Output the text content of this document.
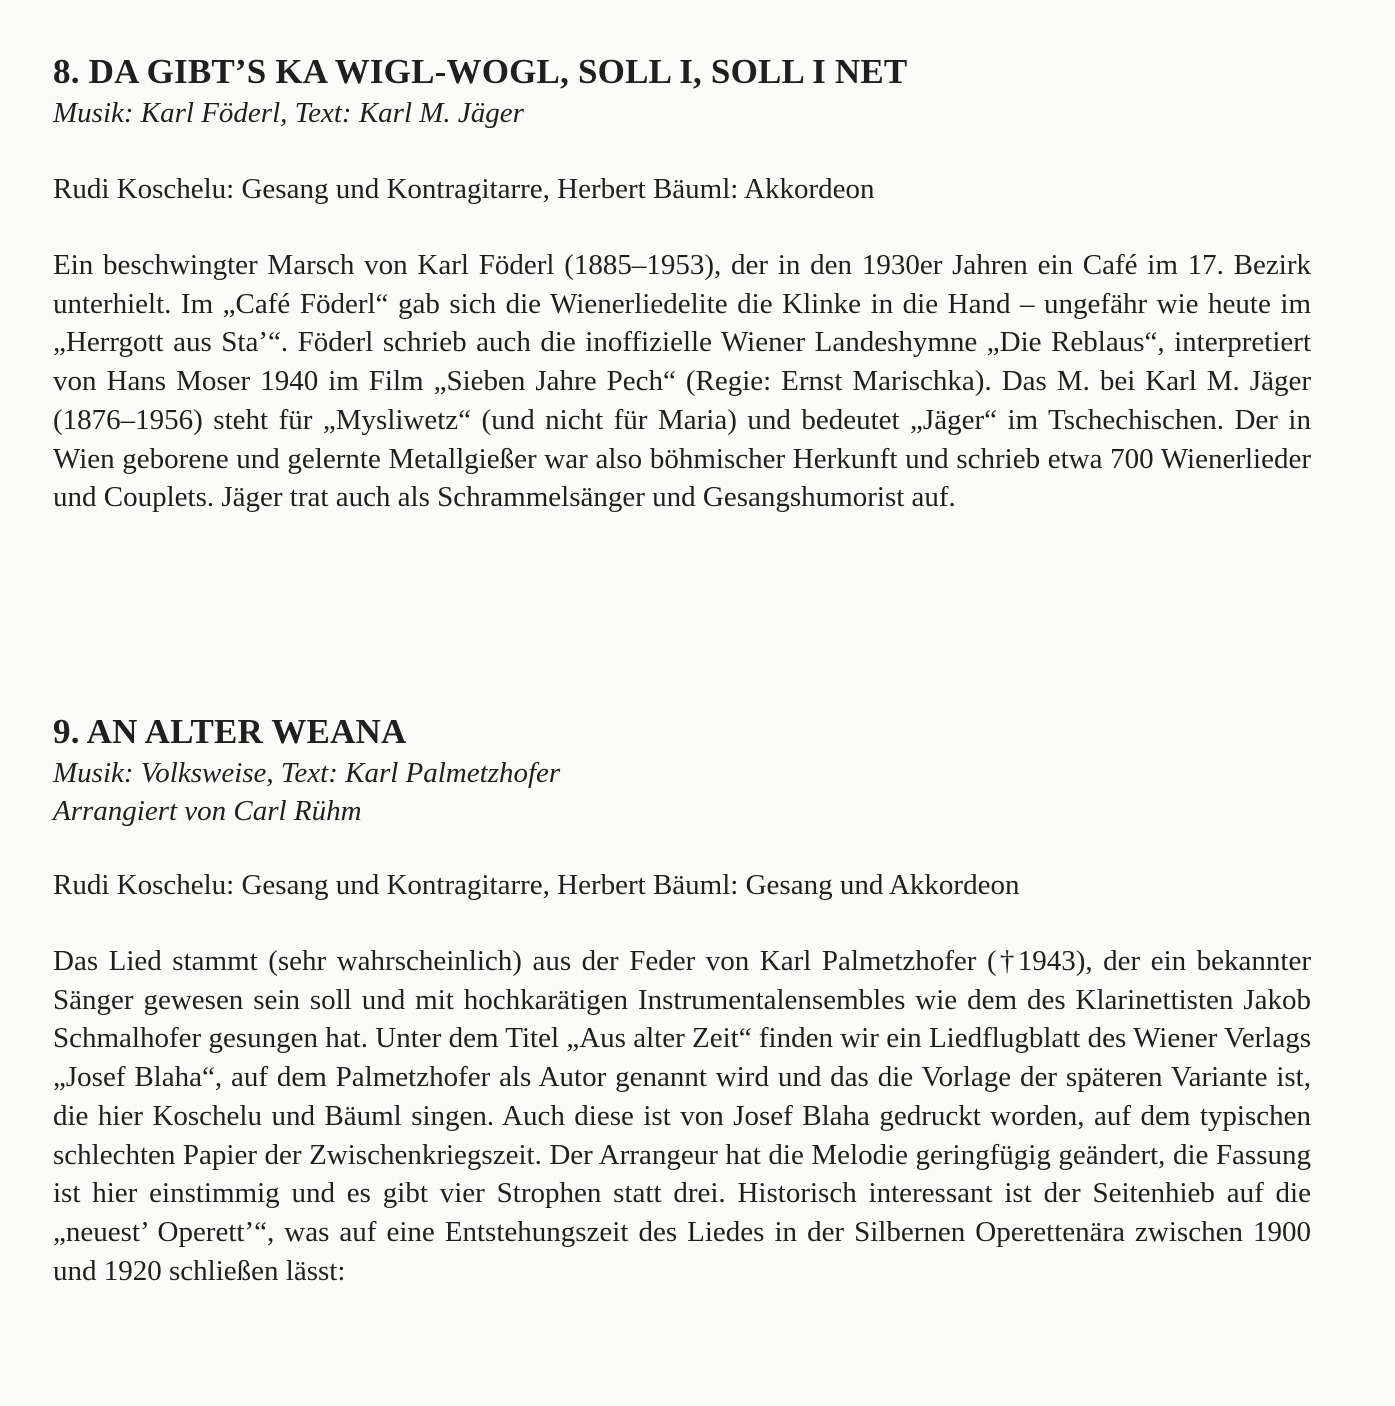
8. DA GIBT’S KA WIGL-WOGL, SOLL I, SOLL I NET

Musik: Karl Föderl, Text: Karl M. Jäger

Rudi Koschelu: Gesang und Kontragitarre, Herbert Bäuml: Akkordeon

Ein beschwingter Marsch von Karl Föderl (1885–1953), der in den 1930er Jahren ein Café im 17. Bezirk unterhielt. Im „Café Föderl“ gab sich die Wienerliedelite die Klinke in die Hand – ungefähr wie heute im „Herrgott aus Sta’“. Föderl schrieb auch die inoffizielle Wiener Landeshymne „Die Reblaus“, interpretiert von Hans Moser 1940 im Film „Sieben Jahre Pech“ (Regie: Ernst Marischka). Das M. bei Karl M. Jäger (1876–1956) steht für „Mysliwetz“ (und nicht für Maria) und bedeutet „Jäger“ im Tschechischen. Der in Wien geborene und gelernte Metallgießer war also böhmischer Herkunft und schrieb etwa 700 Wienerlieder und Couplets. Jäger trat auch als Schrammelsänger und Gesangshumorist auf.

9. AN ALTER WEANA

Musik: Volksweise, Text: Karl Palmetzhofer

Arrangiert von Carl Rühm

Rudi Koschelu: Gesang und Kontragitarre, Herbert Bäuml: Gesang und Akkordeon

Das Lied stammt (sehr wahrscheinlich) aus der Feder von Karl Palmetzhofer (†1943), der ein bekannter Sänger gewesen sein soll und mit hochkarätigen Instrumentalensembles wie dem des Klarinettisten Jakob Schmalhofer gesungen hat. Unter dem Titel „Aus alter Zeit“ finden wir ein Liedflugblatt des Wiener Verlags „Josef Blaha“, auf dem Palmetzhofer als Autor genannt wird und das die Vorlage der späteren Variante ist, die hier Koschelu und Bäuml singen. Auch diese ist von Josef Blaha gedruckt worden, auf dem typischen schlechten Papier der Zwischenkriegszeit. Der Arrangeur hat die Melodie geringfügig geändert, die Fassung ist hier einstimmig und es gibt vier Strophen statt drei. Historisch interessant ist der Seitenhieb auf die „neuest’ Operett’“, was auf eine Entstehungszeit des Liedes in der Silbernen Operettenära zwischen 1900 und 1920 schließen lässt:
